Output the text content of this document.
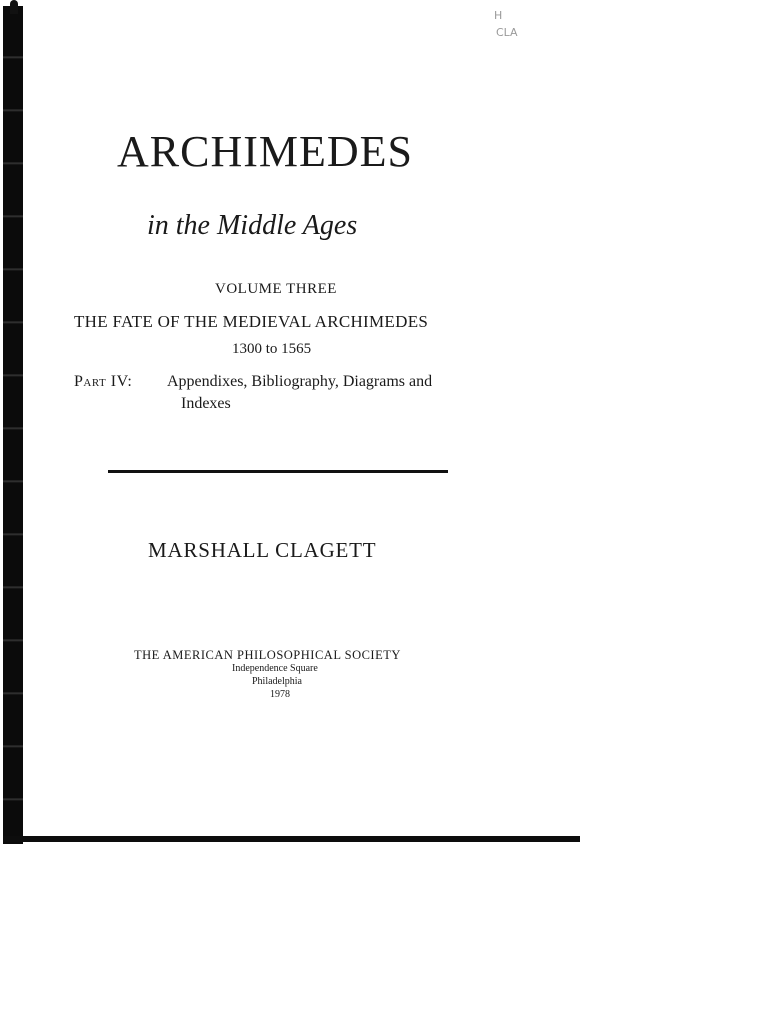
H
CLA
ARCHIMEDES
in the Middle Ages
VOLUME THREE
THE FATE OF THE MEDIEVAL ARCHIMEDES
1300 to 1565
Part IV: Appendixes, Bibliography, Diagrams and
Indexes
MARSHALL CLAGETT
THE AMERICAN PHILOSOPHICAL SOCIETY
Independence Square
Philadelphia
1978
